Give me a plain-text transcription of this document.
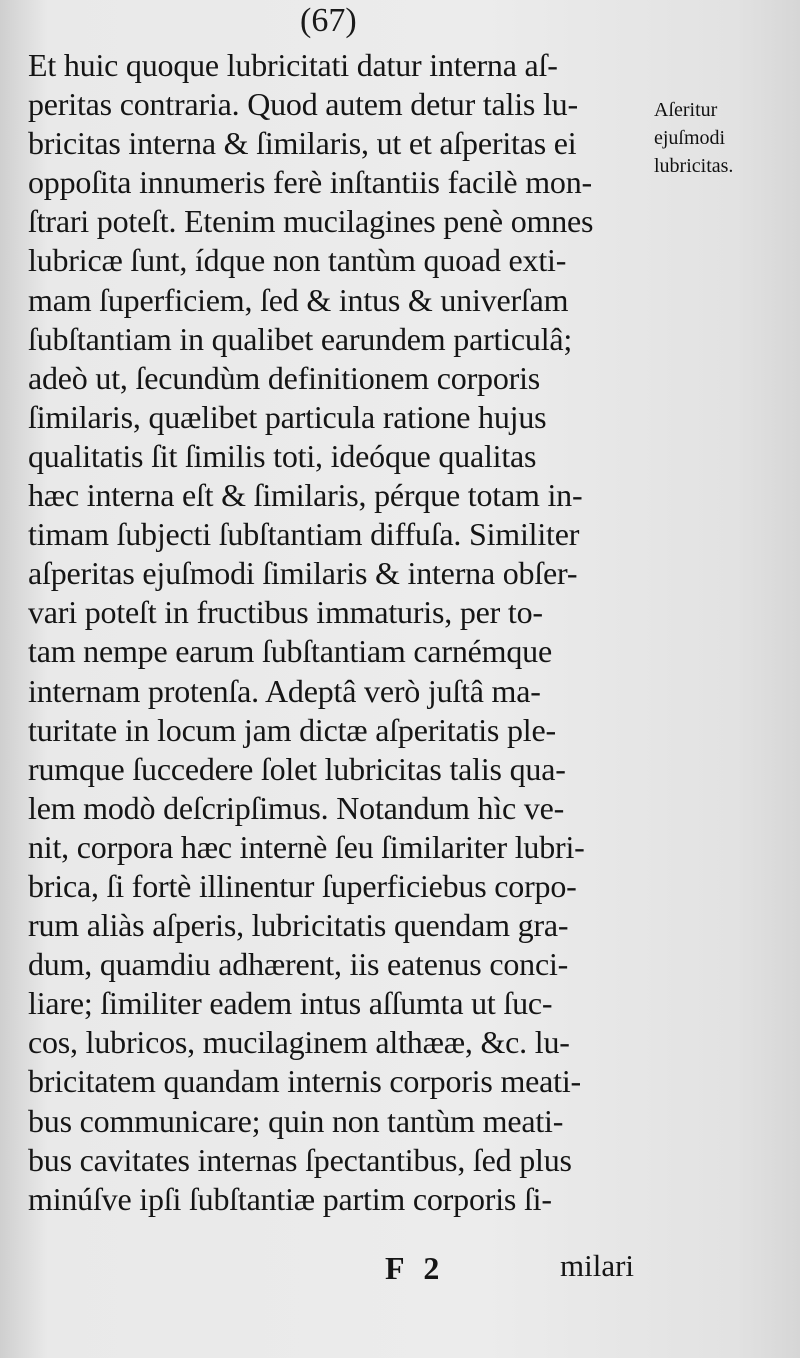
(67)
Et huic quoque lubricitati datur interna aſ-
peritas contraria. Quod autem detur talis lu-
bricitas interna & ſimilaris, ut et aſperitas ei
oppoſita innumeris ferè inſtantiis facilè mon-
ſtrari poteſt. Etenim mucilagines penè omnes
lubricæ ſunt, ídque non tantùm quoad exti-
mam ſuperficiem, ſed & intus & univerſam
ſubſtantiam in qualibet earundem particulâ;
adeò ut, ſecundùm definitionem corporis
ſimilaris, quælibet particula ratione hujus
qualitatis ſit ſimilis toti, ideóque qualitas
hæc interna eſt & ſimilaris, pérque totam in-
timam ſubjecti ſubſtantiam diffuſa. Similiter
aſperitas ejuſmodi ſimilaris & interna obſer-
vari poteſt in fructibus immaturis, per to-
tam nempe earum ſubſtantiam carnémque
internam protenſa. Adeptâ verò juſtâ ma-
turitate in locum jam dictæ aſperitatis ple-
rumque ſuccedere ſolet lubricitas talis qua-
lem modò deſcripſimus. Notandum hìc ve-
nit, corpora hæc internè ſeu ſimilariter lubri-
brica, ſi fortè illinentur ſuperficiebus corpo-
rum aliàs aſperis, lubricitatis quendam gra-
dum, quamdiu adhærent, iis eatenus conci-
liare; ſimiliter eadem intus aſſumta ut ſuc-
cos, lubricos, mucilaginem althææ, &c. lu-
bricitatem quandam internis corporis meati-
bus communicare; quin non tantùm meati-
bus cavitates internas ſpectantibus, ſed plus
minúſve ipſi ſubſtantiæ partim corporis ſi-
Aſeritur
ejuſmodi
lubricitas.
F 2	milari
